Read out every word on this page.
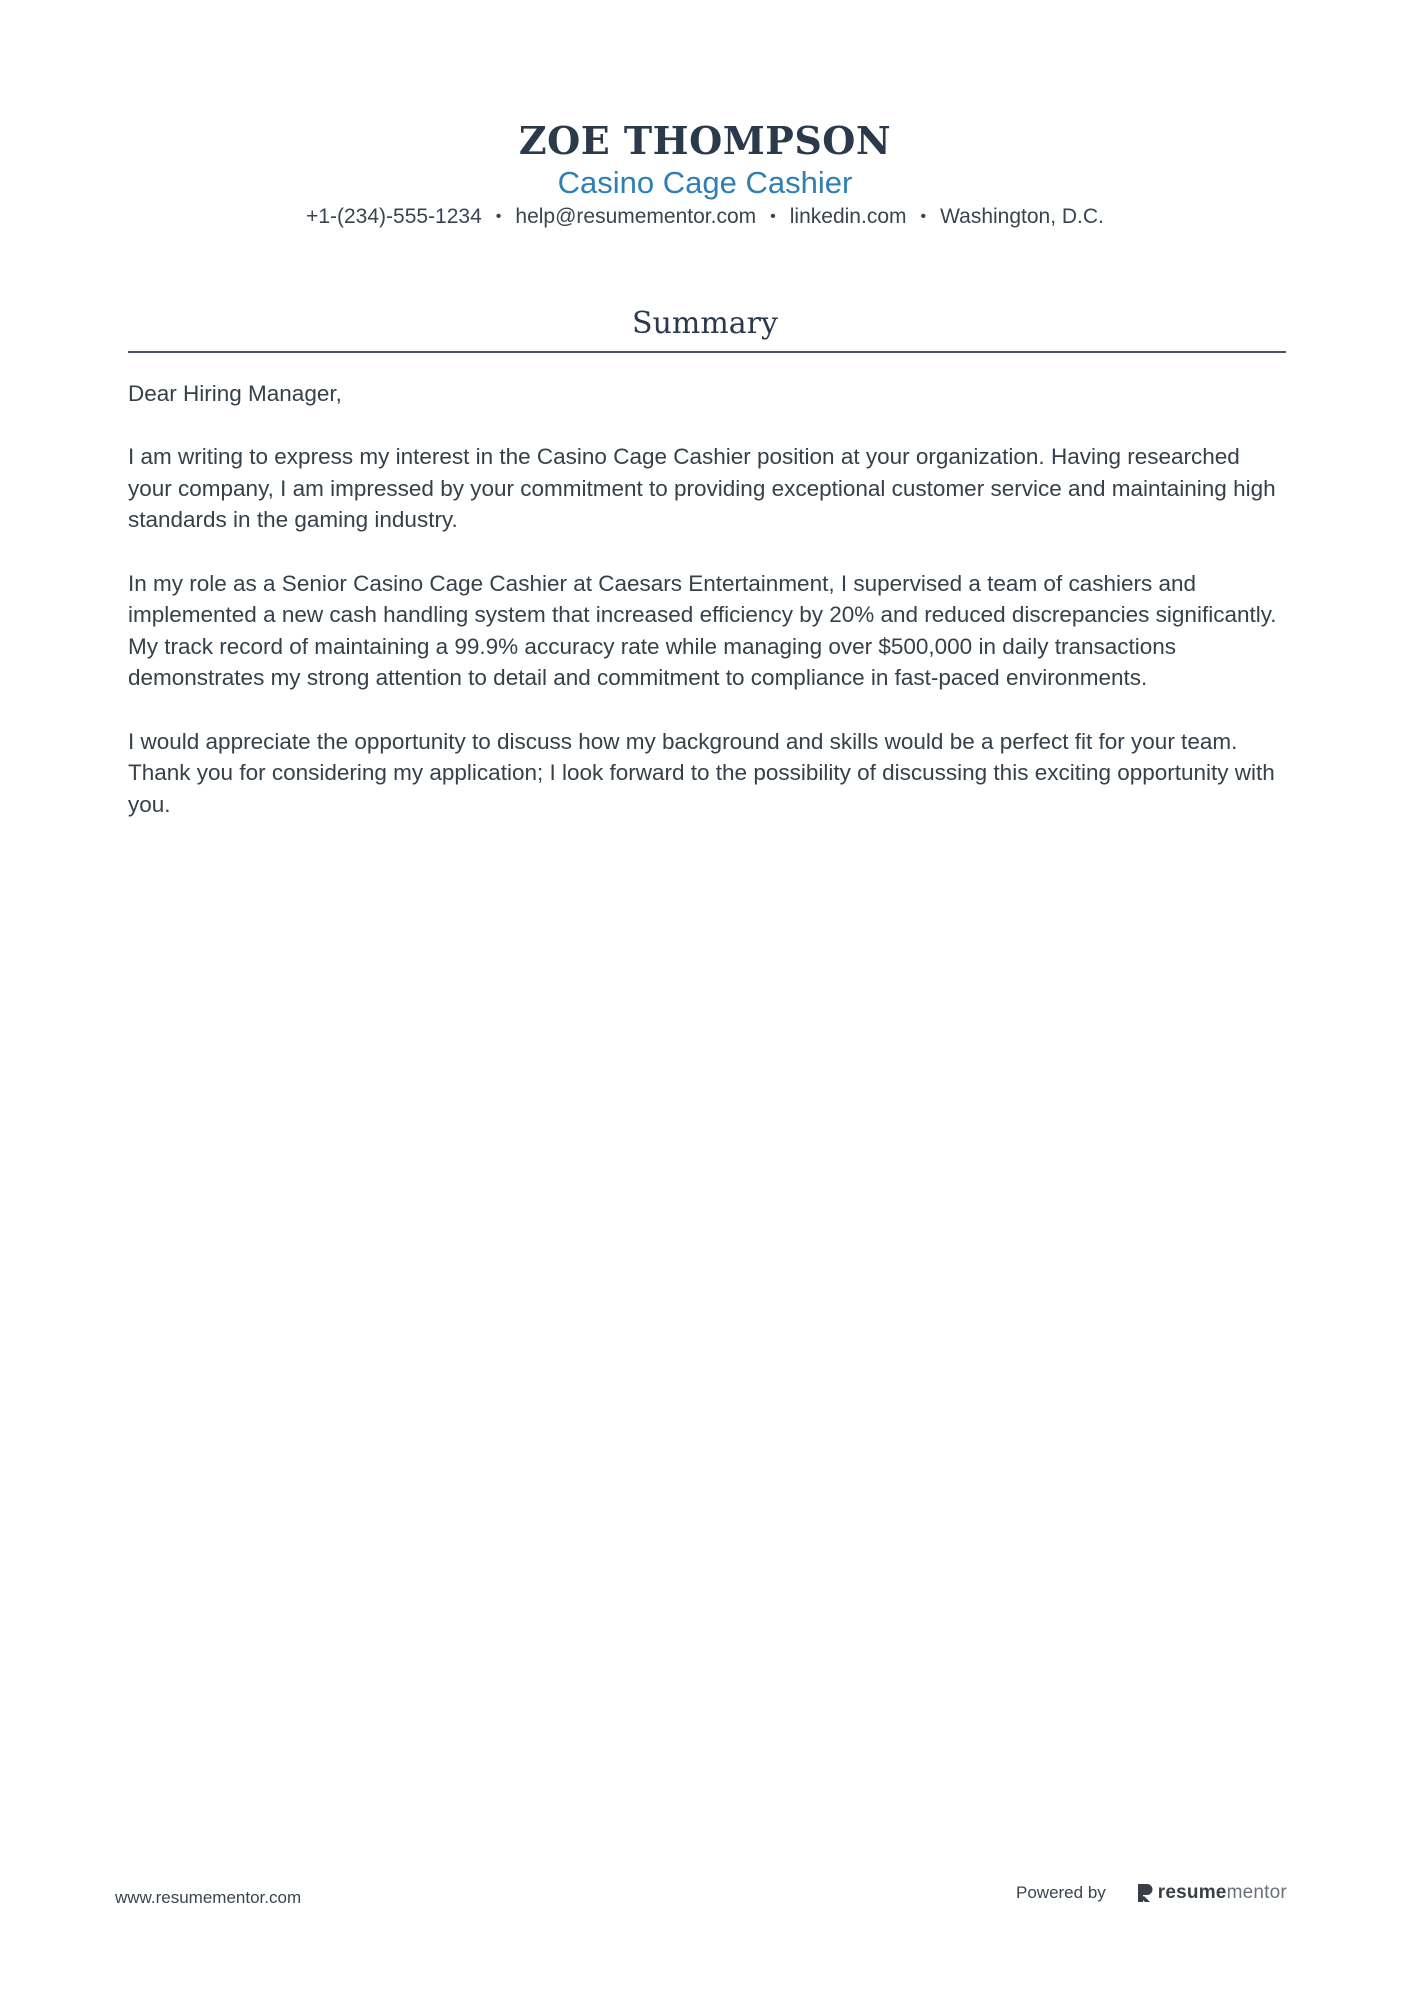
ZOE THOMPSON
Casino Cage Cashier
+1-(234)-555-1234 • help@resumementor.com • linkedin.com • Washington, D.C.
Summary

Dear Hiring Manager,

I am writing to express my interest in the Casino Cage Cashier position at your organization. Having researched your company, I am impressed by your commitment to providing exceptional customer service and maintaining high standards in the gaming industry.

In my role as a Senior Casino Cage Cashier at Caesars Entertainment, I supervised a team of cashiers and implemented a new cash handling system that increased efficiency by 20% and reduced discrepancies significantly. My track record of maintaining a 99.9% accuracy rate while managing over $500,000 in daily transactions demonstrates my strong attention to detail and commitment to compliance in fast-paced environments.

I would appreciate the opportunity to discuss how my background and skills would be a perfect fit for your team. Thank you for considering my application; I look forward to the possibility of discussing this exciting opportunity with you.

www.resumementor.com	Powered by	resumementor
